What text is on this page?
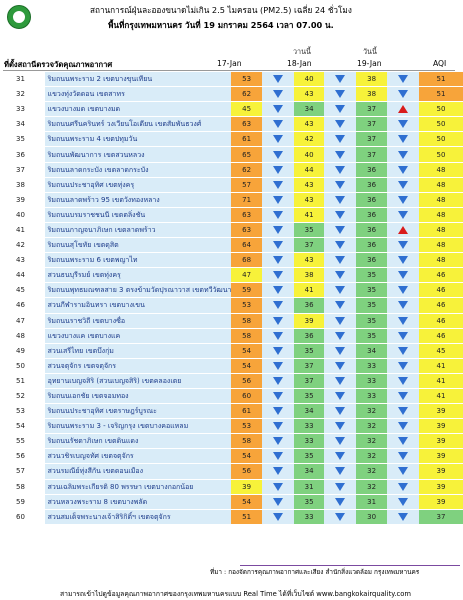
สถานการณ์ฝุ่นละอองขนาดไม่เกิน 2.5 ไมครอน (PM2.5) เฉลี่ย 24 ชั่วโมง
พื้นที่กรุงเทพมหานคร วันที่ 19 มกราคม 2564 เวลา 07.00 น.
วานนี้	วันนี้
ที่ตั้งสถานีตรวจวัดคุณภาพอากาศ	17-Jan	18-Jan	19-Jan	AQI
31	ริมถนนพระราม 2 เขตบางขุนเทียน	53		40		38		51
32	แขวงทุ่งวัดดอน เขตสาทร	62		43		38		51
33	แขวงบางมด เขตบางมด	45		34		37		50
34	ริมถนนศรีนครินทร์ วงเวียนโอเดียน เขตสัมพันธวงศ์	63		43		37		50
35	ริมถนนพระราม 4 เขตปทุมวัน	61		42		37		50
36	ริมถนนพัฒนาการ เขตสวนหลวง	65		40		37		50
37	ริมถนนลาดกระบัง เขตลาดกระบัง	62		44		36		48
38	ริมถนนประชาอุทิศ เขตทุ่งครุ	57		43		36		48
39	ริมถนนลาดพร้าว 95 เขตวังทองหลาง	71		43		36		48
40	ริมถนนบรมราชชนนี เขตตลิ่งชัน	63		41		36		48
41	ริมถนนกาญจนาภิเษก เขตลาดพร้าว	63		35		36		48
42	ริมถนนสุโขทัย เขตดุสิต	64		37		36		48
43	ริมถนนพระราม 6 เขตพญาไท	68		43		36		48
44	สวนธนบุรีรมย์ เขตทุ่งครุ	47		38		35		46
45	ริมถนนพุทธมณฑลสาย 3 ตรงข้ามวัดปุรณาวาส เขตทวีวัฒนา	59		41		35		46
46	สวนกีฬารามอินทรา เขตบางเขน	53		36		35		46
47	ริมถนนราชวิถี เขตบางซื่อ	58		39		35		46
48	แขวงบางแค เขตบางแค	58		36		35		46
49	สวนเสรีไทย เขตบึงกุ่ม	54		35		34		45
50	สวนจตุจักร เขตจตุจักร	54		37		33		41
51	อุทยานเบญจสิริ (สวนเบญจสิริ) เขตคลองเตย	56		37		33		41
52	ริมถนนเอกชัย เขตจอมทอง	60		35		33		41
53	ริมถนนประชาอุทิศ เขตราษฎร์บูรณะ	61		34		32		39
54	ริมถนนพระราม 3 - เจริญกรุง เขตบางคอแหลม	53		33		32		39
55	ริมถนนรัชดาภิเษก เขตดินแดง	58		33		32		39
56	สวนวชิรเบญจทัศ เขตจตุจักร	54		35		32		39
57	สวนรมณีย์ทุ่งสีกัน เขตดอนเมือง	56		34		32		39
58	สวนเฉลิมพระเกียรติ 80 พรรษา เขตบางกอกน้อย	39		31		32		39
59	สวนหลวงพระราม 8 เขตบางพลัด	54		35		31		39
60	สวนสมเด็จพระนางเจ้าสิริกิติ์ฯ เขตจตุจักร	51		33		30		37
ที่มา : กองจัดการคุณภาพอากาศและเสียง สำนักสิ่งแวดล้อม กรุงเทพมหานคร
สามารถเข้าไปดูข้อมูลคุณภาพอากาศของกรุงเทพมหานครแบบ Real Time ได้ที่เว็บไซต์ www.bangkokairquality.com
